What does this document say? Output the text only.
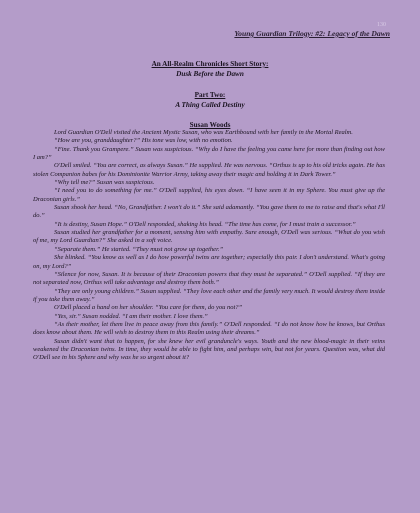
130
Young Guardian Trilogy: #2: Legacy of the Dawn
An All-Realm Chronicles Short Story:
Dusk Before the Dawn
Part Two:
A Thing Called Destiny
Susan Woods

Lord Guardian O'Dell visited the Ancient Mystic Susan, who was Earthbound with her family in the Mortal Realm.

“How are you, granddaughter?” His tone was low, with no emotion.

“Fine. Thank you Grampere.” Susan was suspicious. “Why do I have the feeling you came here for more than finding out how I am?”

O'Dell smiled. “You are correct, as always Susan.” He supplied. He was nervous. “Orthus is up to his old tricks again. He has stolen Companion babes for his Dominionite Warrior Army, taking away their magic and holding it in Dark Tower.”

“Why tell me?” Susan was suspicious.

“I need you to do something for me.” O'Dell supplied, his eyes down. “I have seen it in my Sphere. You must give up the Draconian girls.”

Susan shook her head. “No, Grandfather. I won't do it.” She said adamantly. “You gave them to me to raise and that's what I'll do.”

“It is destiny, Susan Hope.” O'Dell responded, shaking his head. “The time has come, for I must train a successor.”

Susan studied her grandfather for a moment, sensing him with empathy. Sure enough, O'Dell was serious. “What do you wish of me, my Lord Guardian?” She asked in a soft voice.

“Separate them.” He started. “They must not grow up together.”

She blinked. “You know as well as I do how powerful twins are together; especially this pair. I don't understand. What's going on, my Lord?”

“Silence for now, Susan. It is because of their Draconian powers that they must be separated.” O'Dell supplied. “If they are not separated now, Orthus will take advantage and destroy them both.”

“They are only young children.” Susan supplied. “They love each other and the family very much. It would destroy them inside if you take them away.”

O'Dell placed a hand on her shoulder. “You care for them, do you not?”

“Yes, sir.” Susan nodded. “I am their mother. I love them.”

“As their mother, let them live in peace away from this family.” O'Dell responded. “I do not know how he knows, but Orthus does know about them. He will wish to destroy them in this Realm using their dreams.”

Susan didn't want that to happen, for she knew her evil granduncle's ways. Youth and the new blood-magic in their veins weakened the Draconian twins. In time, they would be able to fight him, and perhaps win, but not for years. Question was, what did O'Dell see in his Sphere and why was he so urgent about it?
